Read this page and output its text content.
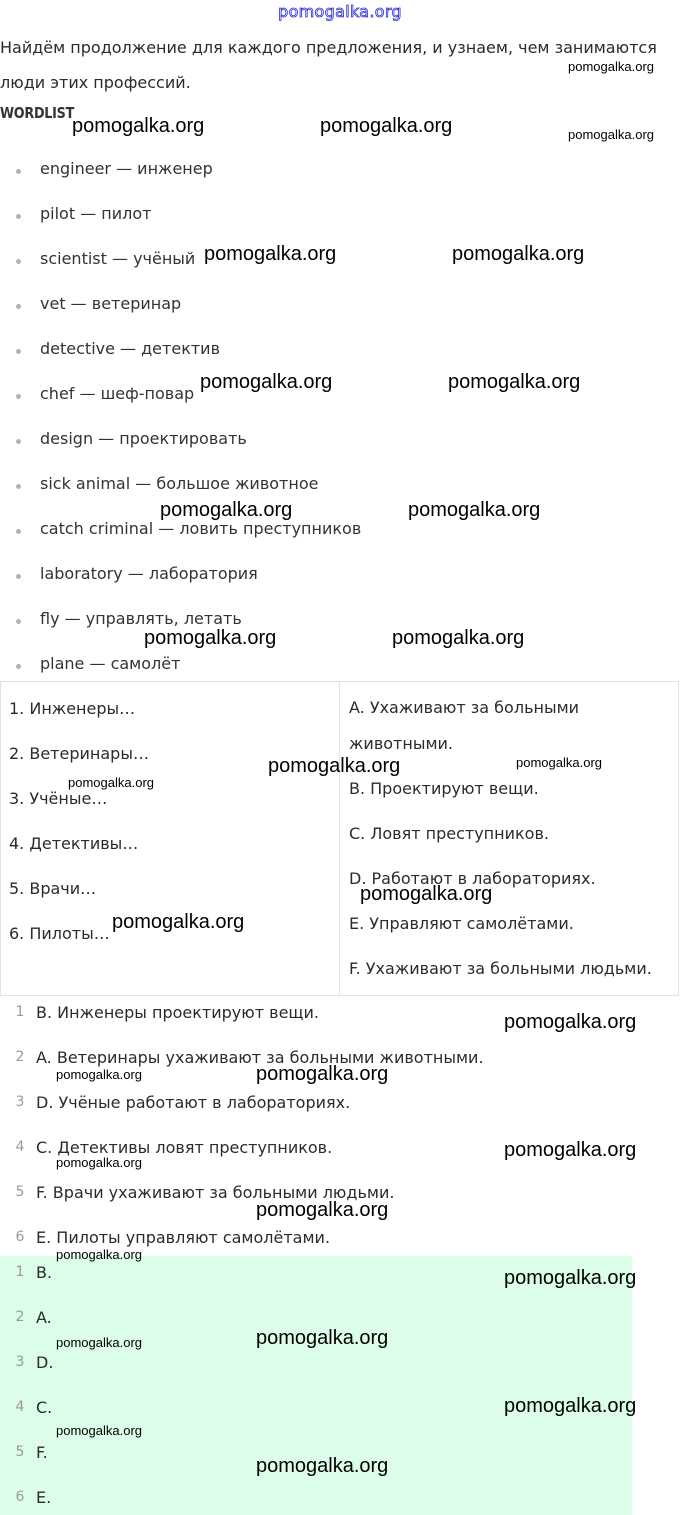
pomogalka.org
Найдём продолжение для каждого предложения, и узнаем, чем занимаются люди этих профессий.
WORDLIST
engineer — инженер
pilot — пилот
scientist — учёный
vet — ветеринар
detective — детектив
chef — шеф-повар
design — проектировать
sick animal — большое животное
catch criminal — ловить преступников
laboratory — лаборатория
fly — управлять, летать
plane — самолёт
1. Инженеры…
2. Ветеринары…
3. Учёные…
4. Детективы…
5. Врачи…
6. Пилоты…
A. Ухаживают за больными животными.
B. Проектируют вещи.
C. Ловят преступников.
D. Работают в лабораториях.
E. Управляют самолётами.
F. Ухаживают за больными людьми.
1 B. Инженеры проектируют вещи.
2 A. Ветеринары ухаживают за больными животными.
3 D. Учёные работают в лабораториях.
4 C. Детективы ловят преступников.
5 F. Врачи ухаживают за больными людьми.
6 E. Пилоты управляют самолётами.
1 B.
2 A.
3 D.
4 C.
5 F.
6 E.
pomogalka.org
pomogalka.org	pomogalka.org	pomogalka.org
pomogalka.org	pomogalka.org
pomogalka.org	pomogalka.org
pomogalka.org	pomogalka.org
pomogalka.org	pomogalka.org
pomogalka.org	pomogalka.org
pomogalka.org
pomogalka.org
pomogalka.org
pomogalka.org
pomogalka.org	pomogalka.org
pomogalka.org
pomogalka.org
pomogalka.org
pomogalka.org
pomogalka.org
pomogalka.org	pomogalka.org
pomogalka.org
pomogalka.org
pomogalka.org
